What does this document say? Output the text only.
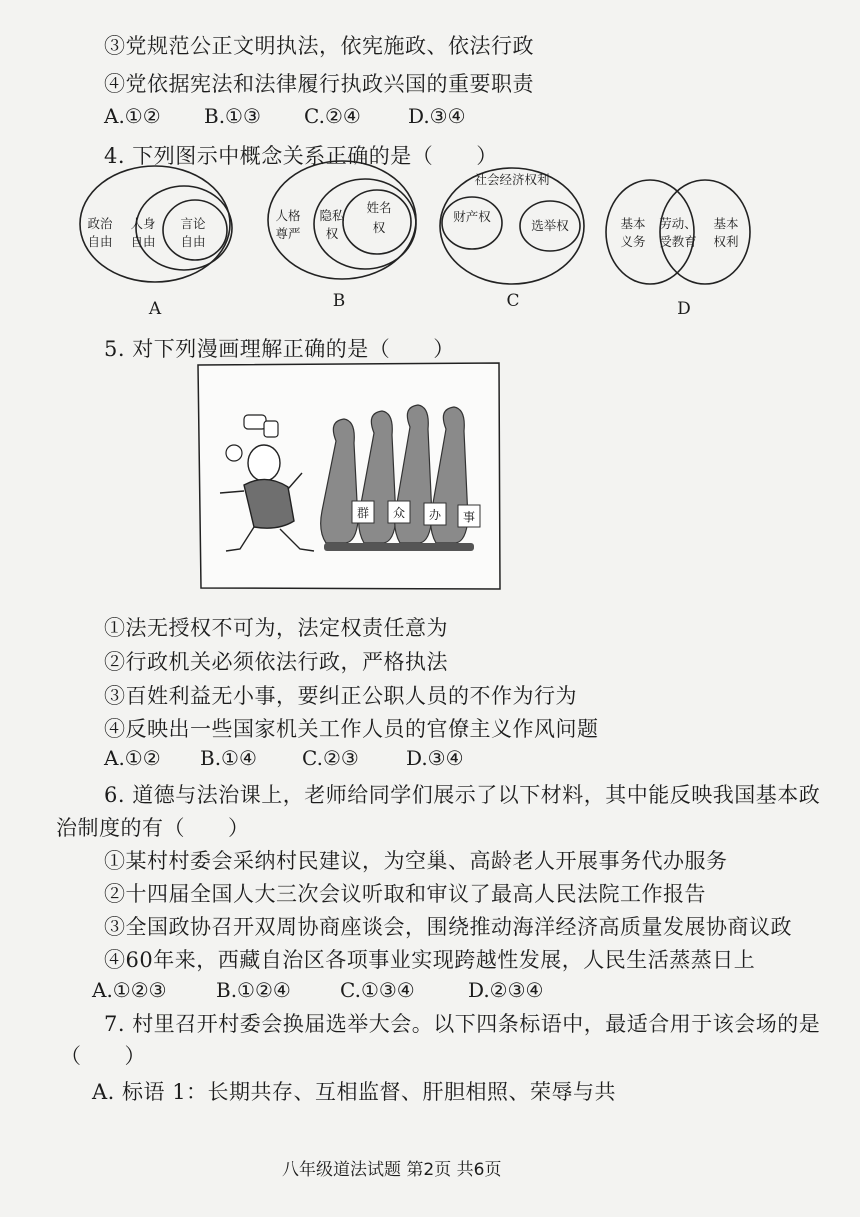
③党规范公正文明执法，依宪施政、依法行政
④党依据宪法和法律履行执政兴国的重要职责
A.①② B.①③ C.②④ D.③④
4. 下列图示中概念关系正确的是（　　）
政治
自由
人身
自由
言论
自由
人格
尊严
隐私
权
姓名
权
社会经济权利
财产权
选举权	基本
义务
劳动、
受教育
基本
权利
A	B	C	D
5. 对下列漫画理解正确的是（　　）
群 众 办 事
①法无授权不可为，法定权责任意为
②行政机关必须依法行政，严格执法
③百姓利益无小事，要纠正公职人员的不作为行为
④反映出一些国家机关工作人员的官僚主义作风问题
A.①② B.①④ C.②③ D.③④
6. 道德与法治课上，老师给同学们展示了以下材料，其中能反映我国基本政
治制度的有（　　）
①某村村委会采纳村民建议，为空巢、高龄老人开展事务代办服务
②十四届全国人大三次会议听取和审议了最高人民法院工作报告
③全国政协召开双周协商座谈会，围绕推动海洋经济高质量发展协商议政
④60年来，西藏自治区各项事业实现跨越性发展，人民生活蒸蒸日上
A.①②③ B.①②④ C.①③④	D.②③④
7. 村里召开村委会换届选举大会。以下四条标语中，最适合用于该会场的是
（　　）
A. 标语 1：长期共存、互相监督、肝胆相照、荣辱与共
八年级道法试题 第2页 共6页
